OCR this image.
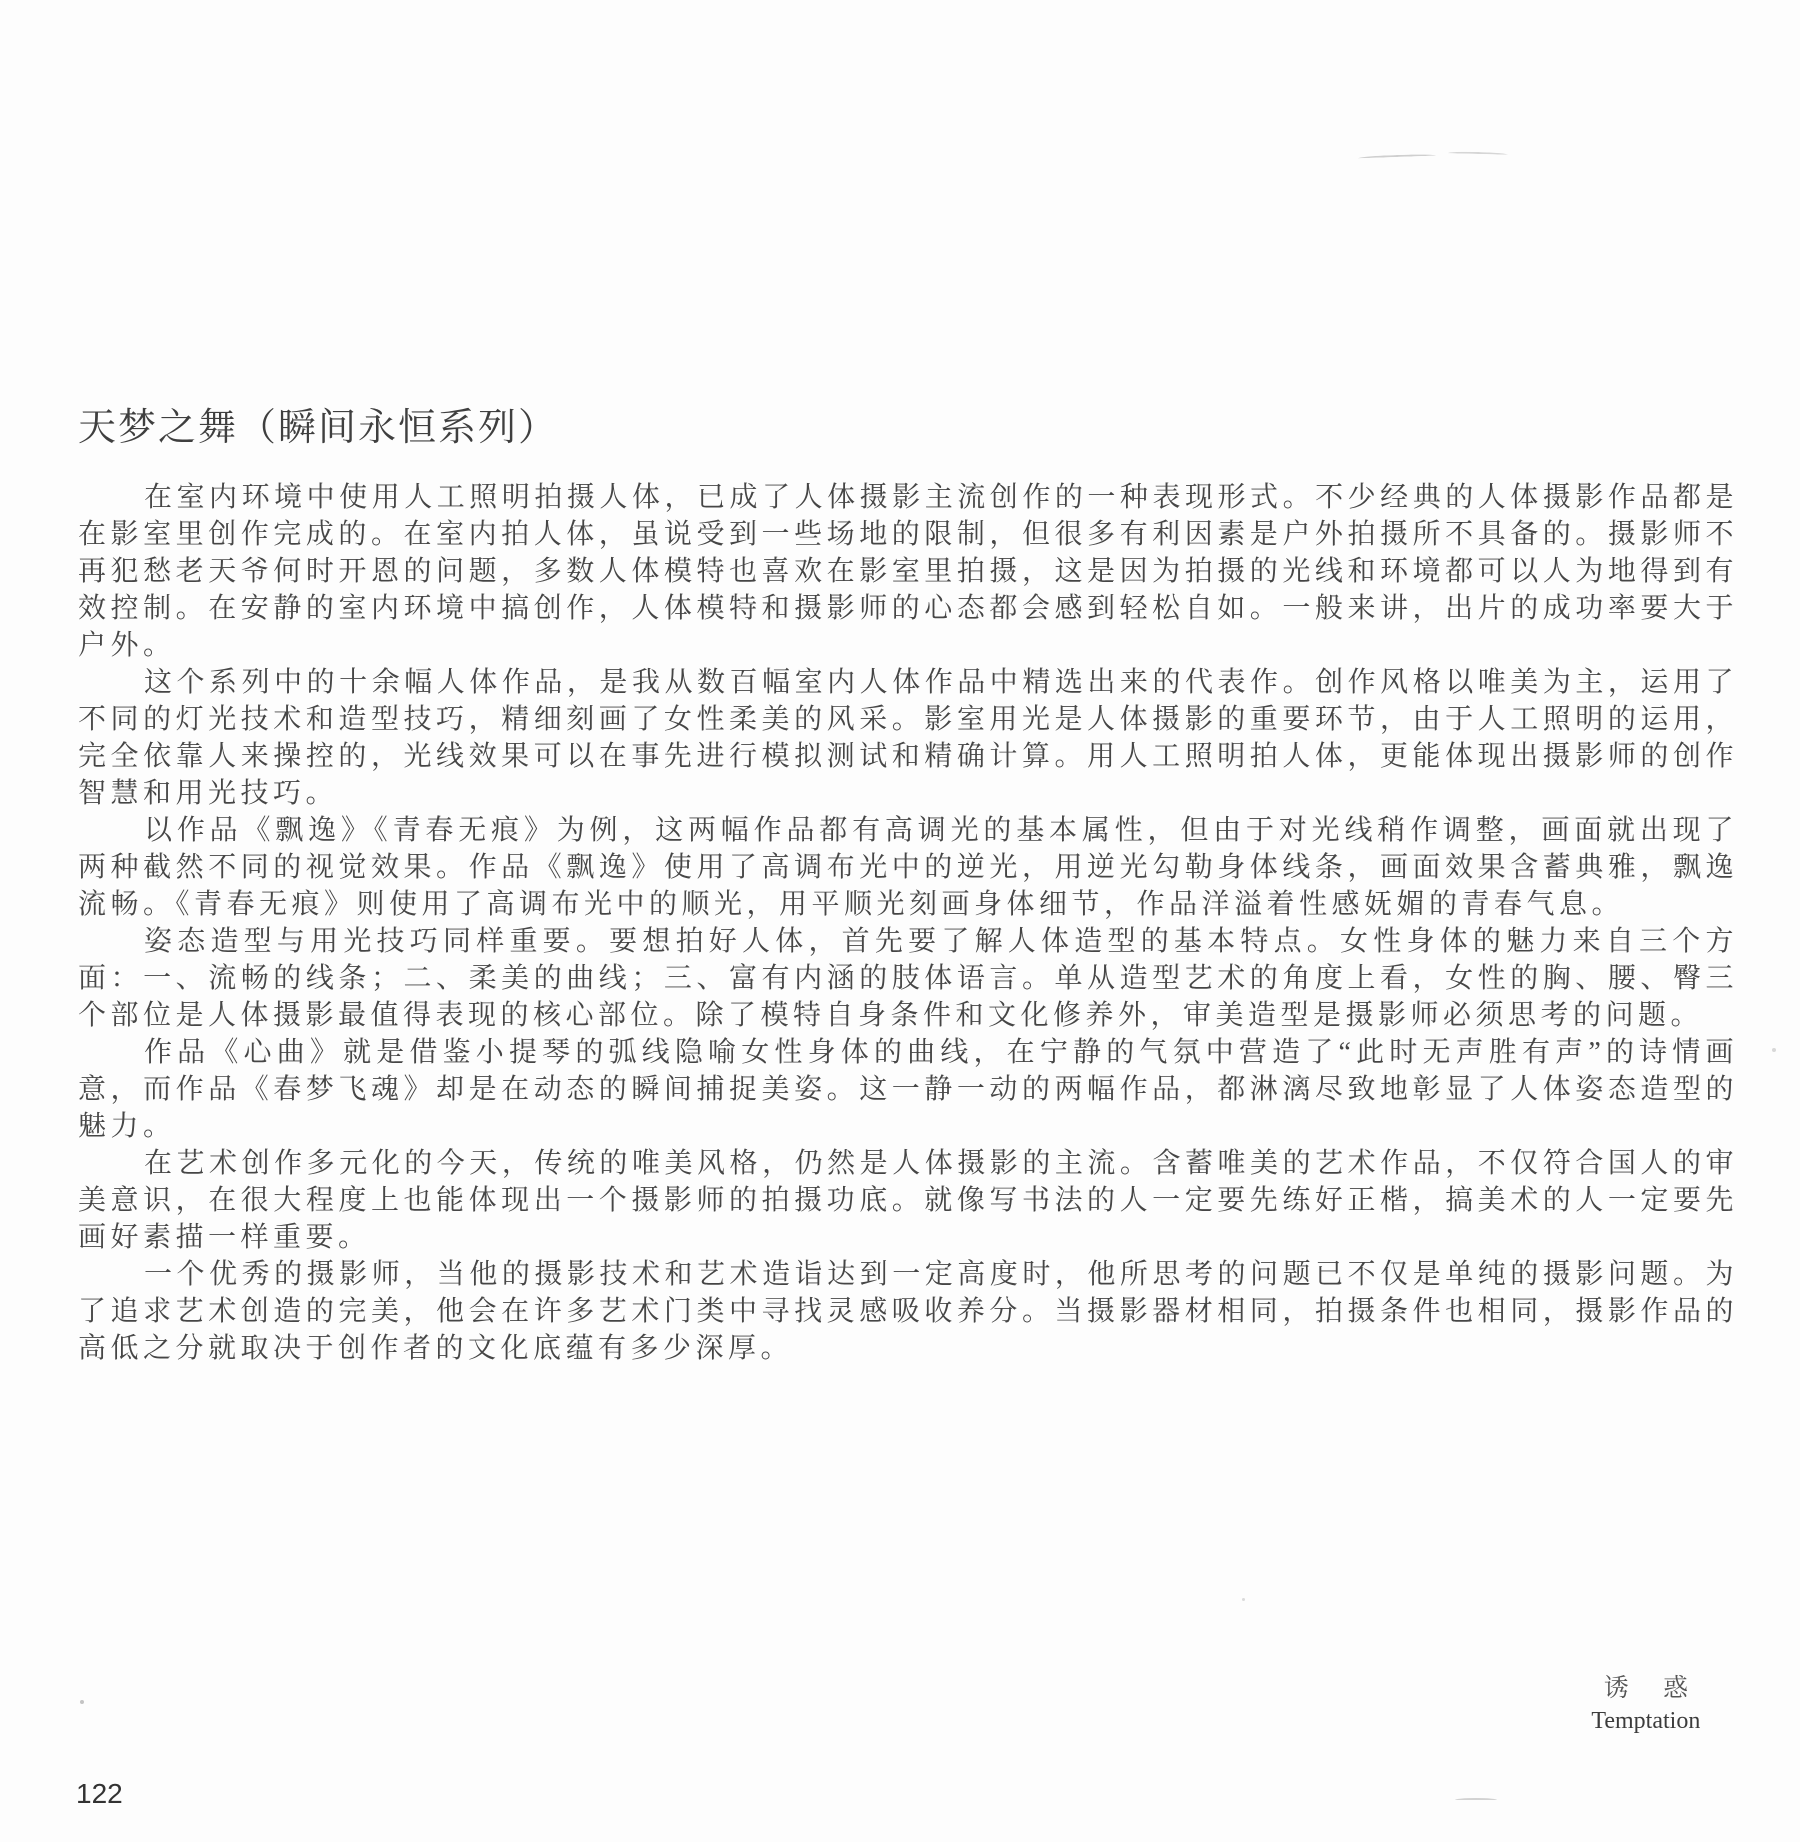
天梦之舞（瞬间永恒系列）

在室内环境中使用人工照明拍摄人体，已成了人体摄影主流创作的一种表现形式。不少经典的人体摄影作品都是在影室里创作完成的。在室内拍人体，虽说受到一些场地的限制，但很多有利因素是户外拍摄所不具备的。摄影师不再犯愁老天爷何时开恩的问题，多数人体模特也喜欢在影室里拍摄，这是因为拍摄的光线和环境都可以人为地得到有效控制。在安静的室内环境中搞创作，人体模特和摄影师的心态都会感到轻松自如。一般来讲，出片的成功率要大于户外。

这个系列中的十余幅人体作品，是我从数百幅室内人体作品中精选出来的代表作。创作风格以唯美为主，运用了不同的灯光技术和造型技巧，精细刻画了女性柔美的风采。影室用光是人体摄影的重要环节，由于人工照明的运用，完全依靠人来操控的，光线效果可以在事先进行模拟测试和精确计算。用人工照明拍人体，更能体现出摄影师的创作智慧和用光技巧。

以作品《飘逸》《青春无痕》为例，这两幅作品都有高调光的基本属性，但由于对光线稍作调整，画面就出现了两种截然不同的视觉效果。作品《飘逸》使用了高调布光中的逆光，用逆光勾勒身体线条，画面效果含蓄典雅，飘逸流畅。《青春无痕》则使用了高调布光中的顺光，用平顺光刻画身体细节，作品洋溢着性感妩媚的青春气息。

姿态造型与用光技巧同样重要。要想拍好人体，首先要了解人体造型的基本特点。女性身体的魅力来自三个方面：一、流畅的线条；二、柔美的曲线；三、富有内涵的肢体语言。单从造型艺术的角度上看，女性的胸、腰、臀三个部位是人体摄影最值得表现的核心部位。除了模特自身条件和文化修养外，审美造型是摄影师必须思考的问题。

作品《心曲》就是借鉴小提琴的弧线隐喻女性身体的曲线，在宁静的气氛中营造了“此时无声胜有声”的诗情画意，而作品《春梦飞魂》却是在动态的瞬间捕捉美姿。这一静一动的两幅作品，都淋漓尽致地彰显了人体姿态造型的魅力。

在艺术创作多元化的今天，传统的唯美风格，仍然是人体摄影的主流。含蓄唯美的艺术作品，不仅符合国人的审美意识，在很大程度上也能体现出一个摄影师的拍摄功底。就像写书法的人一定要先练好正楷，搞美术的人一定要先画好素描一样重要。

一个优秀的摄影师，当他的摄影技术和艺术造诣达到一定高度时，他所思考的问题已不仅是单纯的摄影问题。为了追求艺术创造的完美，他会在许多艺术门类中寻找灵感吸收养分。当摄影器材相同，拍摄条件也相同，摄影作品的高低之分就取决于创作者的文化底蕴有多少深厚。

诱 惑
Temptation
122
